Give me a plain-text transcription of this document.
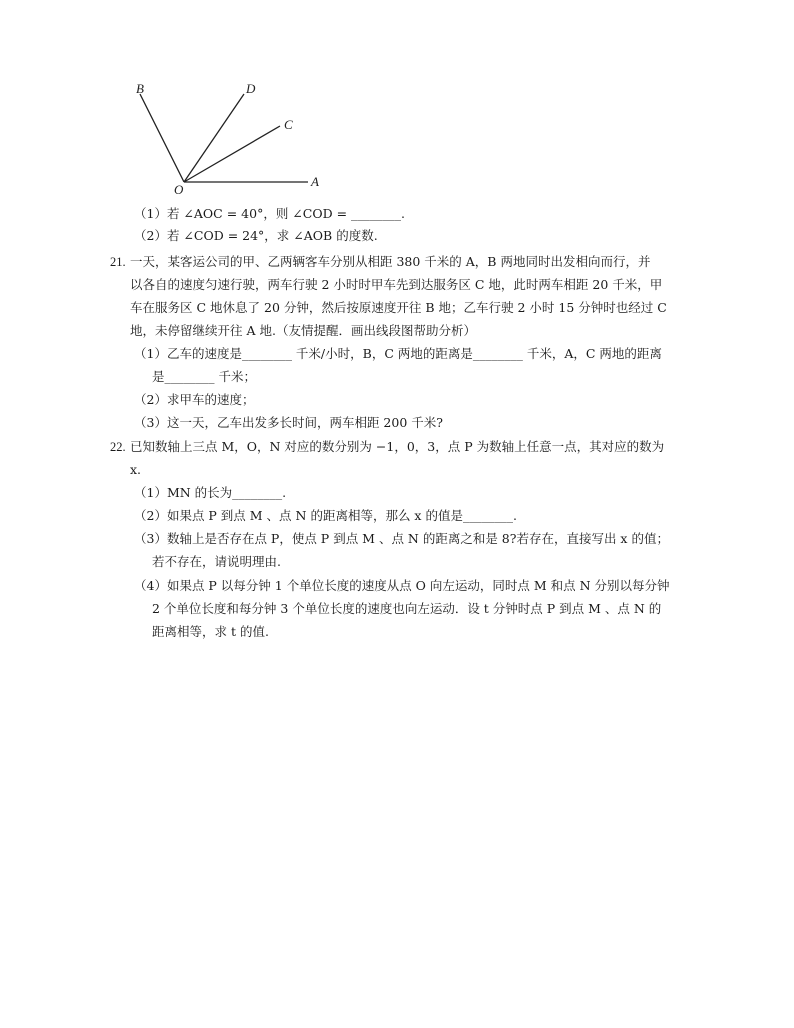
B	D
C
O
A
（1）若 ∠AOC = 40°，则 ∠COD = ________.
（2）若 ∠COD = 24°，求 ∠AOB 的度数.
21. 一天，某客运公司的甲、乙两辆客车分别从相距 380 千米的 A，B 两地同时出发相向而行，并
以各自的速度匀速行驶，两车行驶 2 小时时甲车先到达服务区 C 地，此时两车相距 20 千米，甲
车在服务区 C 地休息了 20 分钟，然后按原速度开往 B 地；乙车行驶 2 小时 15 分钟时也经过 C
地，未停留继续开往 A 地.（友情提醒．画出线段图帮助分析）
（1）乙车的速度是________ 千米/小时，B，C 两地的距离是________ 千米，A，C 两地的距离
是________ 千米；
（2）求甲车的速度；
（3）这一天，乙车出发多长时间，两车相距 200 千米?
22. 已知数轴上三点 M，O，N 对应的数分别为 −1，0，3，点 P 为数轴上任意一点，其对应的数为
x.
（1）MN 的长为________.
（2）如果点 P 到点 M 、点 N 的距离相等，那么 x 的值是________.
（3）数轴上是否存在点 P，使点 P 到点 M 、点 N 的距离之和是 8?若存在，直接写出 x 的值；
若不存在，请说明理由.
（4）如果点 P 以每分钟 1 个单位长度的速度从点 O 向左运动，同时点 M 和点 N 分别以每分钟
2 个单位长度和每分钟 3 个单位长度的速度也向左运动．设 t 分钟时点 P 到点 M 、点 N 的
距离相等，求 t 的值.
